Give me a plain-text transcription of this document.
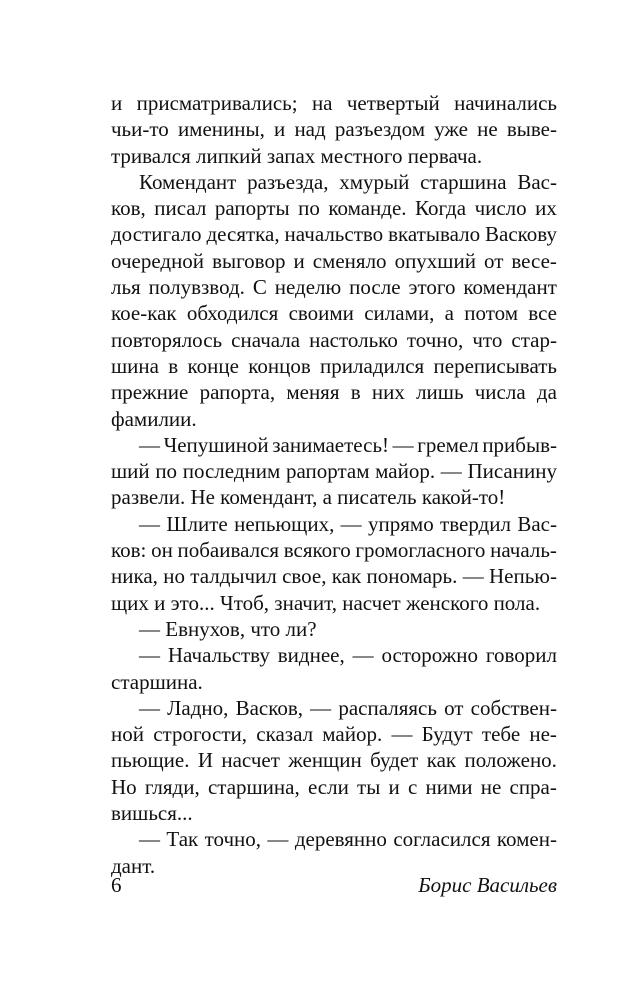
и присматривались; на четвертый начинались
чьи-то именины, и над разъездом уже не выве-
тривался липкий запах местного первача.
Комендант разъезда, хмурый старшина Вас-
ков, писал рапорты по команде. Когда число их
достигало десятка, начальство вкатывало Васкову
очередной выговор и сменяло опухший от весе-
лья полувзвод. С неделю после этого комендант
кое-как обходился своими силами, а потом все
повторялось сначала настолько точно, что стар-
шина в конце концов приладился переписывать
прежние рапорта, меняя в них лишь числа да
фамилии.
— Чепушиной занимаетесь! — гремел прибыв-
ший по последним рапортам майор. — Писанину
развели. Не комендант, а писатель какой-то!
— Шлите непьющих, — упрямо твердил Вас-
ков: он побаивался всякого громогласного началь-
ника, но талдычил свое, как пономарь. — Непью-
щих и это... Чтоб, значит, насчет женского пола.
— Евнухов, что ли?
— Начальству виднее, — осторожно говорил
старшина.
— Ладно, Васков, — распаляясь от собствен-
ной строгости, сказал майор. — Будут тебе не-
пьющие. И насчет женщин будет как положено.
Но гляди, старшина, если ты и с ними не спра-
вишься...
— Так точно, — деревянно согласился комен-
дант.
6	Борис Васильев
